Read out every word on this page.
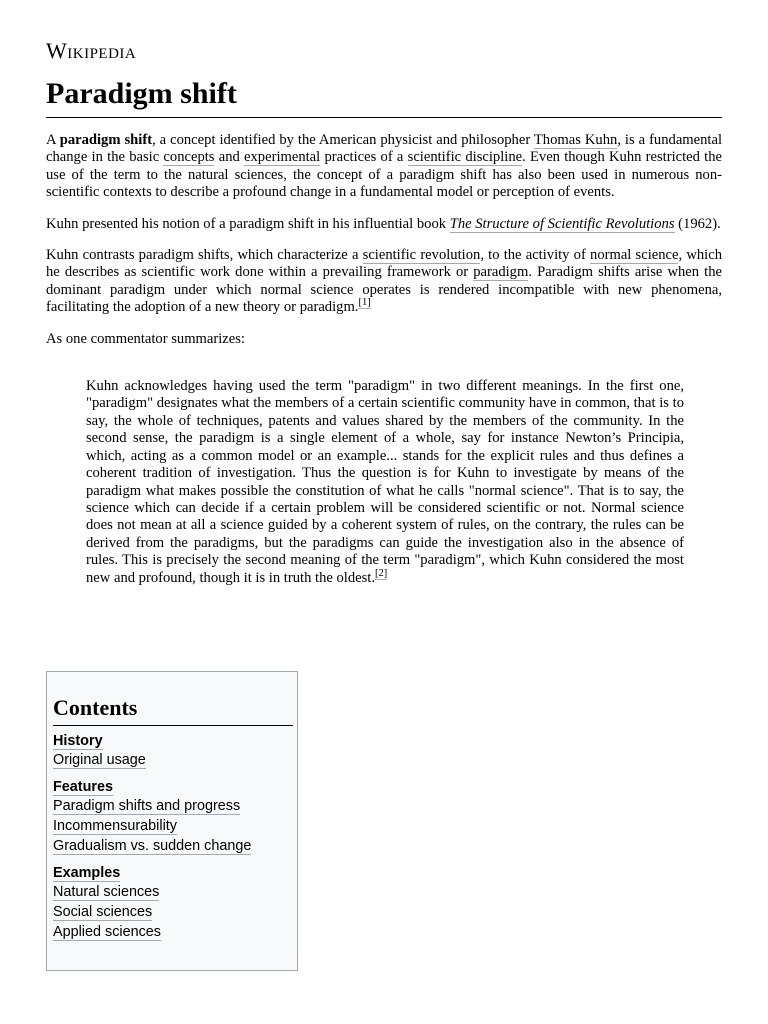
Wikipedia
Paradigm shift

A paradigm shift, a concept identified by the American physicist and philosopher Thomas Kuhn, is a fundamental change in the basic concepts and experimental practices of a scientific discipline. Even though Kuhn restricted the use of the term to the natural sciences, the concept of a paradigm shift has also been used in numerous non-scientific contexts to describe a profound change in a fundamental model or perception of events.

Kuhn presented his notion of a paradigm shift in his influential book The Structure of Scientific Revolutions (1962).

Kuhn contrasts paradigm shifts, which characterize a scientific revolution, to the activity of normal science, which he describes as scientific work done within a prevailing framework or paradigm. Paradigm shifts arise when the dominant paradigm under which normal science operates is rendered incompatible with new phenomena, facilitating the adoption of a new theory or paradigm.[1]

As one commentator summarizes:

Kuhn acknowledges having used the term "paradigm" in two different meanings. In the first one, "paradigm" designates what the members of a certain scientific community have in common, that is to say, the whole of techniques, patents and values shared by the members of the community. In the second sense, the paradigm is a single element of a whole, say for instance Newton’s Principia, which, acting as a common model or an example... stands for the explicit rules and thus defines a coherent tradition of investigation. Thus the question is for Kuhn to investigate by means of the paradigm what makes possible the constitution of what he calls "normal science". That is to say, the science which can decide if a certain problem will be considered scientific or not. Normal science does not mean at all a science guided by a coherent system of rules, on the contrary, the rules can be derived from the paradigms, but the paradigms can guide the investigation also in the absence of rules. This is precisely the second meaning of the term "paradigm", which Kuhn considered the most new and profound, though it is in truth the oldest.[2]
Contents
History
Original usage
Features
Paradigm shifts and progress
Incommensurability
Gradualism vs. sudden change
Examples
Natural sciences
Social sciences
Applied sciences
